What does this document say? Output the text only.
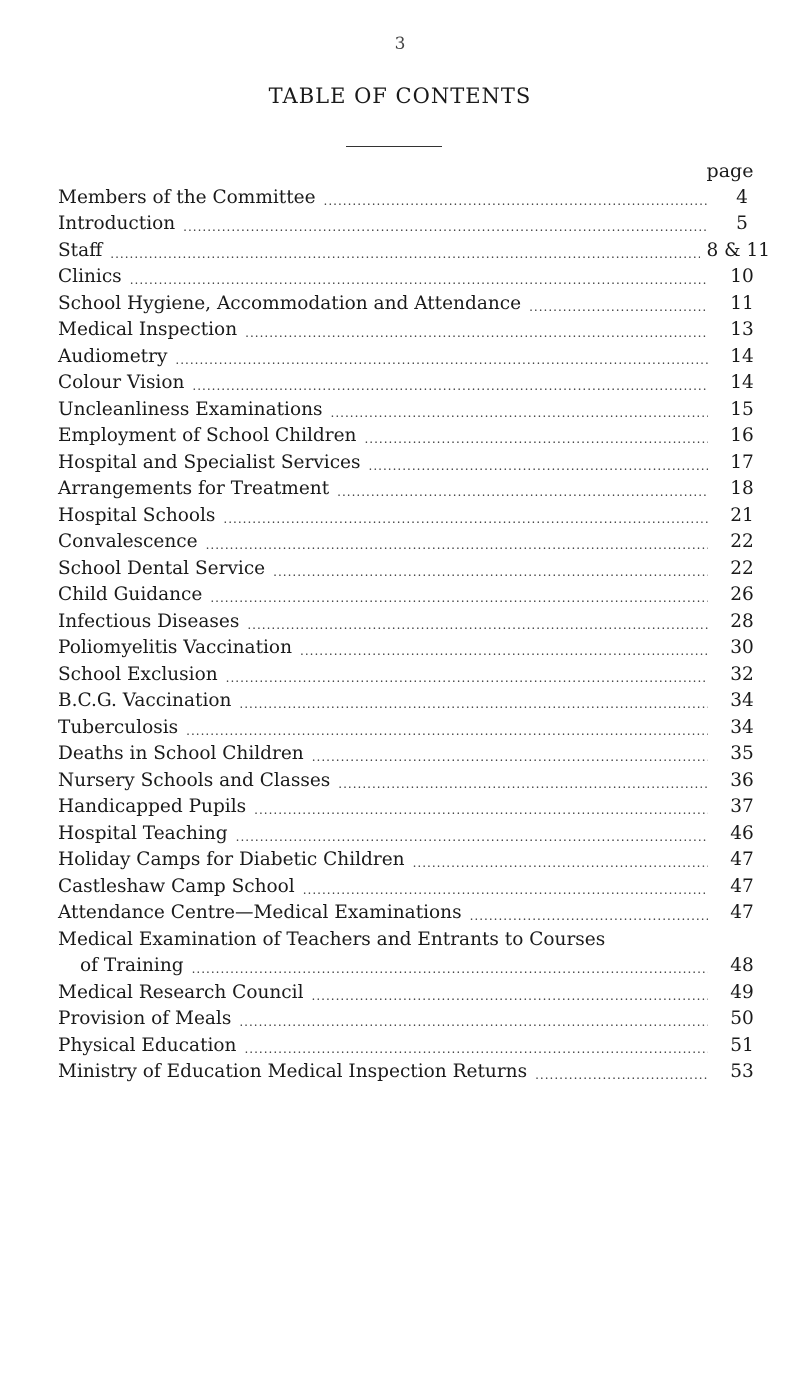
3
TABLE OF CONTENTS
page
Members of the Committee .....	4
Introduction .....	5
Staff .....	8 & 11
Clinics .....	10
School Hygiene, Accommodation and Attendance .....	11
Medical Inspection .....	13
Audiometry .....	14
Colour Vision .....	14
Uncleanliness Examinations .....	15
Employment of School Children .....	16
Hospital and Specialist Services .....	17
Arrangements for Treatment .....	18
Hospital Schools .....	21
Convalescence .....	22
School Dental Service .....	22
Child Guidance .....	26
Infectious Diseases .....	28
Poliomyelitis Vaccination .....	30
School Exclusion .....	32
B.C.G. Vaccination .....	34
Tuberculosis .....	34
Deaths in School Children .....	35
Nursery Schools and Classes .....	36
Handicapped Pupils .....	37
Hospital Teaching .....	46
Holiday Camps for Diabetic Children .....	47
Castleshaw Camp School .....	47
Attendance Centre—Medical Examinations .....	47
Medical Examination of Teachers and Entrants to Courses
of Training .....	48
Medical Research Council .....	49
Provision of Meals .....	50
Physical Education .....	51
Ministry of Education Medical Inspection Returns .....	53
